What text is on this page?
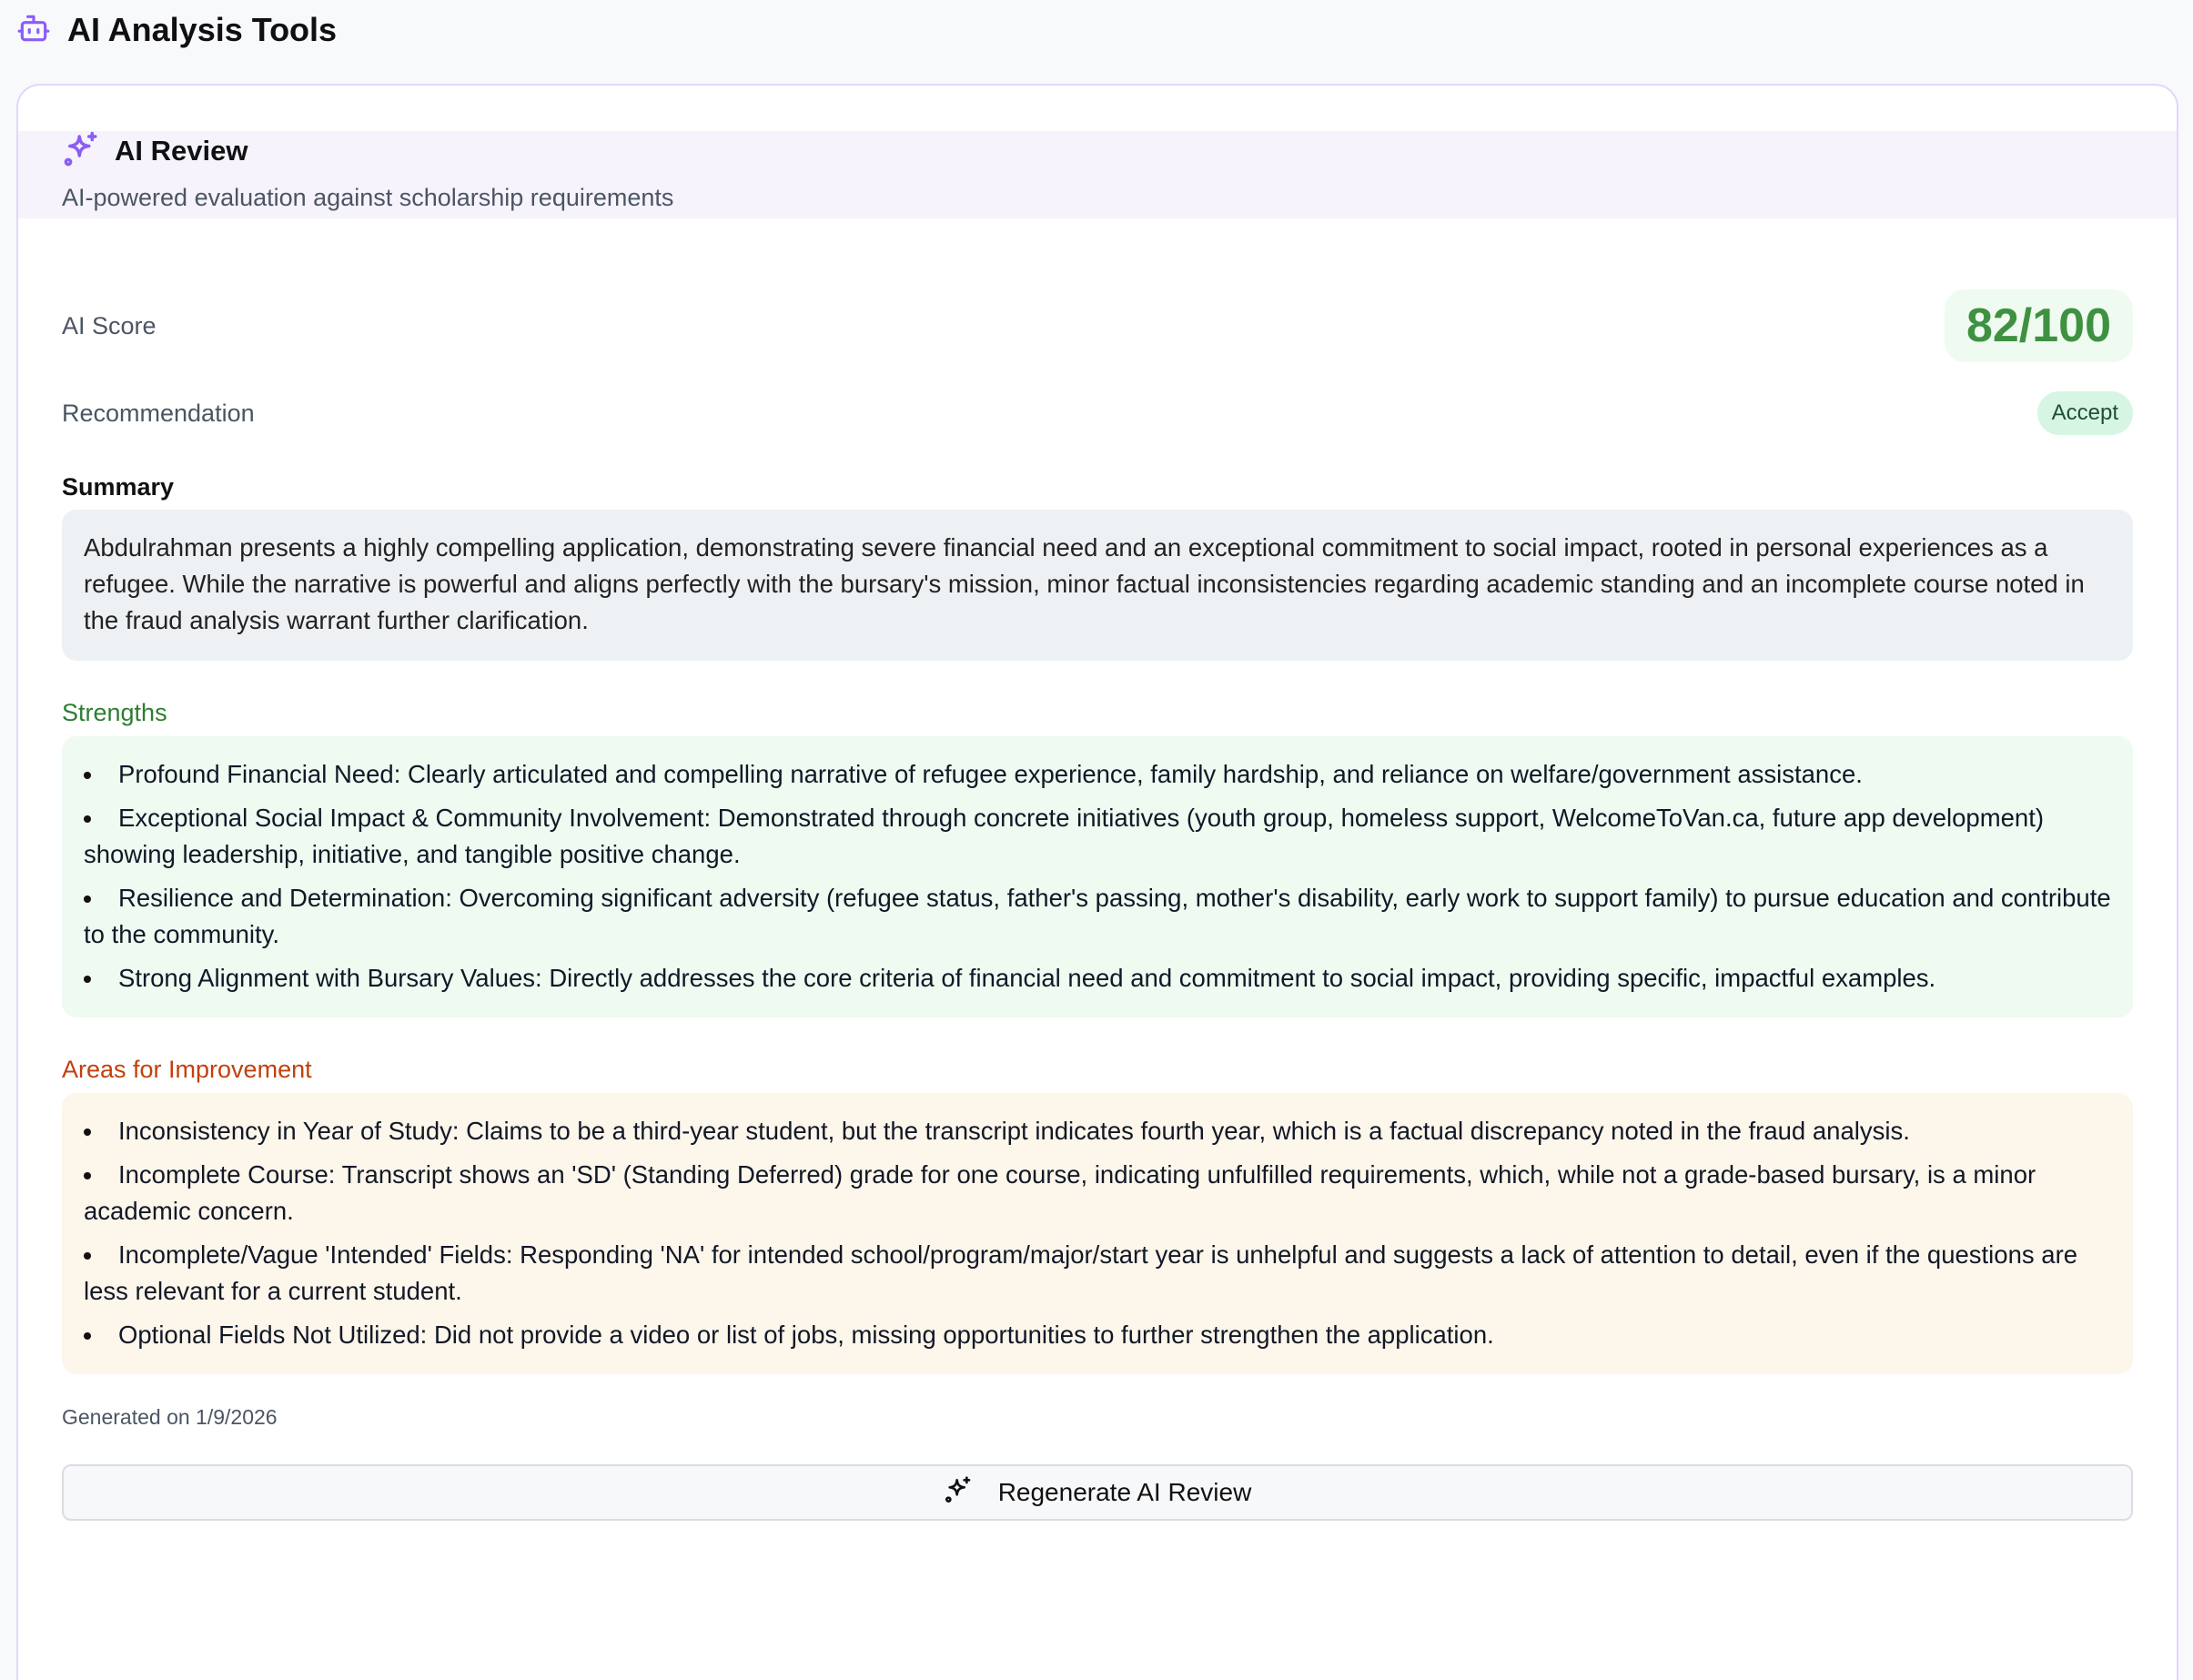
AI Analysis Tools
AI Review
AI-powered evaluation against scholarship requirements
AI Score	82/100
Recommendation	Accept
Summary
Abdulrahman presents a highly compelling application, demonstrating severe financial need and an exceptional commitment to social impact, rooted in personal experiences as a refugee. While the narrative is powerful and aligns perfectly with the bursary's mission, minor factual inconsistencies regarding academic standing and an incomplete course noted in the fraud analysis warrant further clarification.
Strengths
Profound Financial Need: Clearly articulated and compelling narrative of refugee experience, family hardship, and reliance on welfare/government assistance.
Exceptional Social Impact & Community Involvement: Demonstrated through concrete initiatives (youth group, homeless support, WelcomeToVan.ca, future app development) showing leadership, initiative, and tangible positive change.
Resilience and Determination: Overcoming significant adversity (refugee status, father's passing, mother's disability, early work to support family) to pursue education and contribute to the community.
Strong Alignment with Bursary Values: Directly addresses the core criteria of financial need and commitment to social impact, providing specific, impactful examples.
Areas for Improvement
Inconsistency in Year of Study: Claims to be a third-year student, but the transcript indicates fourth year, which is a factual discrepancy noted in the fraud analysis.
Incomplete Course: Transcript shows an 'SD' (Standing Deferred) grade for one course, indicating unfulfilled requirements, which, while not a grade-based bursary, is a minor academic concern.
Incomplete/Vague 'Intended' Fields: Responding 'NA' for intended school/program/major/start year is unhelpful and suggests a lack of attention to detail, even if the questions are less relevant for a current student.
Optional Fields Not Utilized: Did not provide a video or list of jobs, missing opportunities to further strengthen the application.
Generated on 1/9/2026
Regenerate AI Review
